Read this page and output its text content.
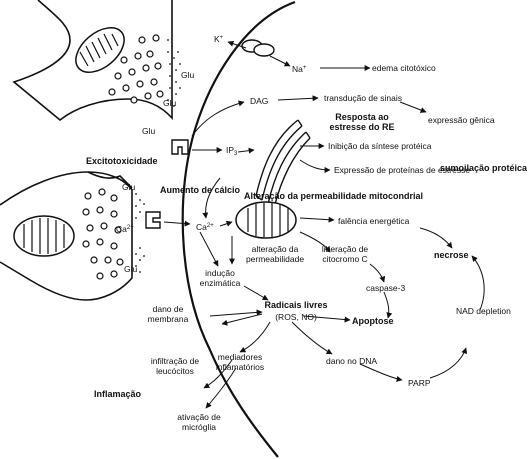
Glu
Glu
Glu
Glu
Glu
K+
Na+	edema citotóxico
DAG	transdução de sinais
expressão gênica
Resposta ao
estresse do RE
Excitotoxicidade
$IP_3$
Inibição da síntese protéica
Aumento de cálcio
Expressão de proteínas de estresse
sumoilação protéica
$Ca^{2+}$	$Ca^{2+}$
Alteração da permeabilidade mitocondrial
falência energética
alteração da
permeabilidade
liberação de
citocromo C	necrose
indução
enzimática	caspase-3
dano de
membrana
Radicais livres
(ROS, NO)
NAD depletion
Apoptose
infiltração de
leucócitos
mediadores
inflamatórios
dano no DNA
Inflamação
PARP
ativação de
micróglia
